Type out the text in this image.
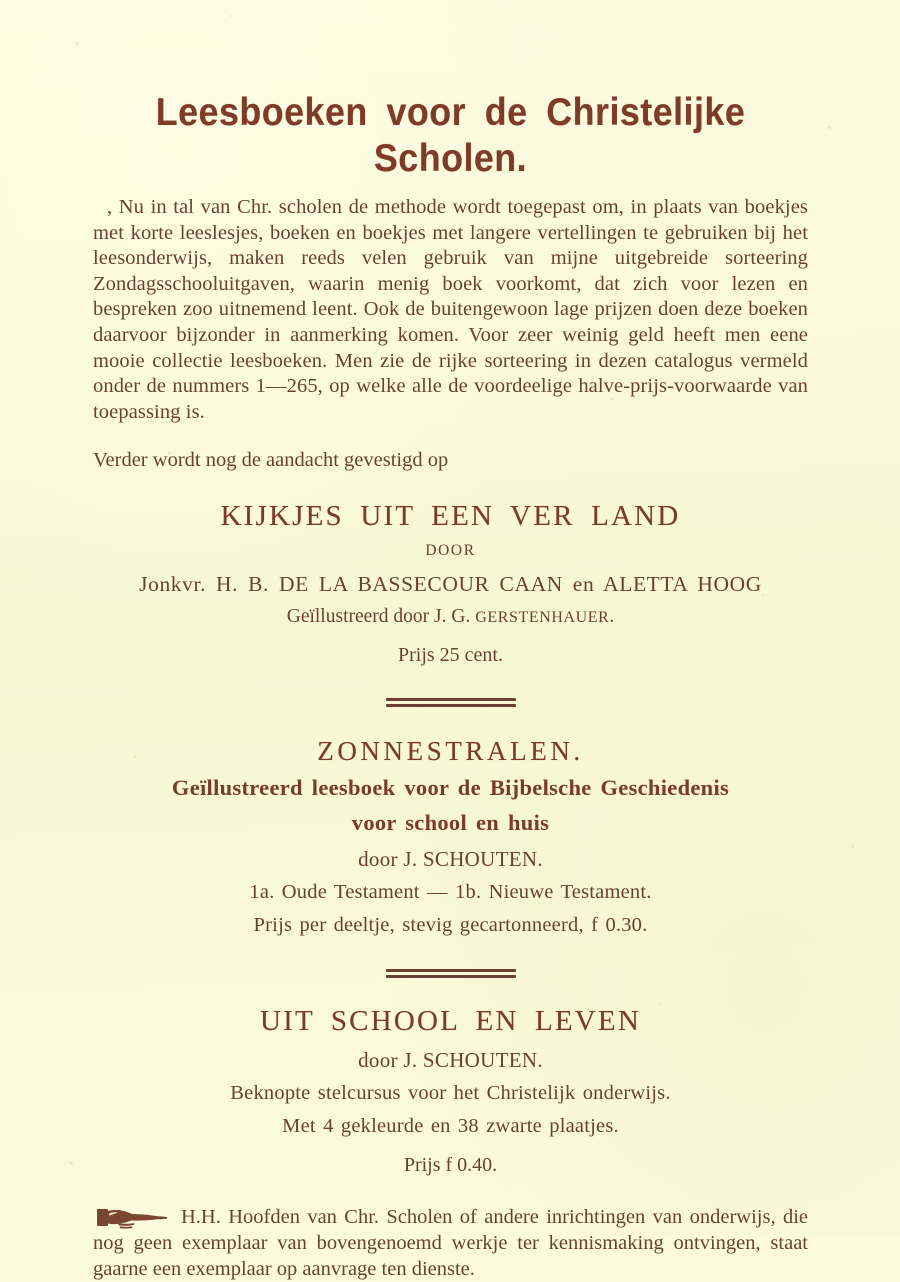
Leesboeken voor de Christelijke Scholen.

, Nu in tal van Chr. scholen de methode wordt toegepast om, in plaats van boekjes met korte leeslesjes, boeken en boekjes met langere vertellingen te gebruiken bij het leesonderwijs, maken reeds velen gebruik van mijne uitgebreide sorteering Zondagsschooluitgaven, waarin menig boek voorkomt, dat zich voor lezen en bespreken zoo uitnemend leent. Ook de buitengewoon lage prijzen doen deze boeken daarvoor bijzonder in aanmerking komen. Voor zeer weinig geld heeft men eene mooie collectie leesboeken. Men zie de rijke sorteering in dezen catalogus vermeld onder de nummers 1—265, op welke alle de voordeelige halve-prijs-voorwaarde van toepassing is.

Verder wordt nog de aandacht gevestigd op

KIJKJES UIT EEN VER LAND

DOOR

Jonkvr. H. B. DE LA BASSECOUR CAAN en ALETTA HOOG

Geïllustreerd door J. G. GERSTENHAUER.

Prijs 25 cent.

ZONNESTRALEN.

Geïllustreerd leesboek voor de Bijbelsche Geschiedenis

voor school en huis

door J. SCHOUTEN.

1a. Oude Testament — 1b. Nieuwe Testament.

Prijs per deeltje, stevig gecartonneerd, f 0.30.

UIT SCHOOL EN LEVEN

door J. SCHOUTEN.

Beknopte stelcursus voor het Christelijk onderwijs.

Met 4 gekleurde en 38 zwarte plaatjes.

Prijs f 0.40.

H.H. Hoofden van Chr. Scholen of andere inrichtingen van onderwijs, die nog geen exemplaar van bovengenoemd werkje ter kennismaking ontvingen, staat gaarne een exemplaar op aanvrage ten dienste.
